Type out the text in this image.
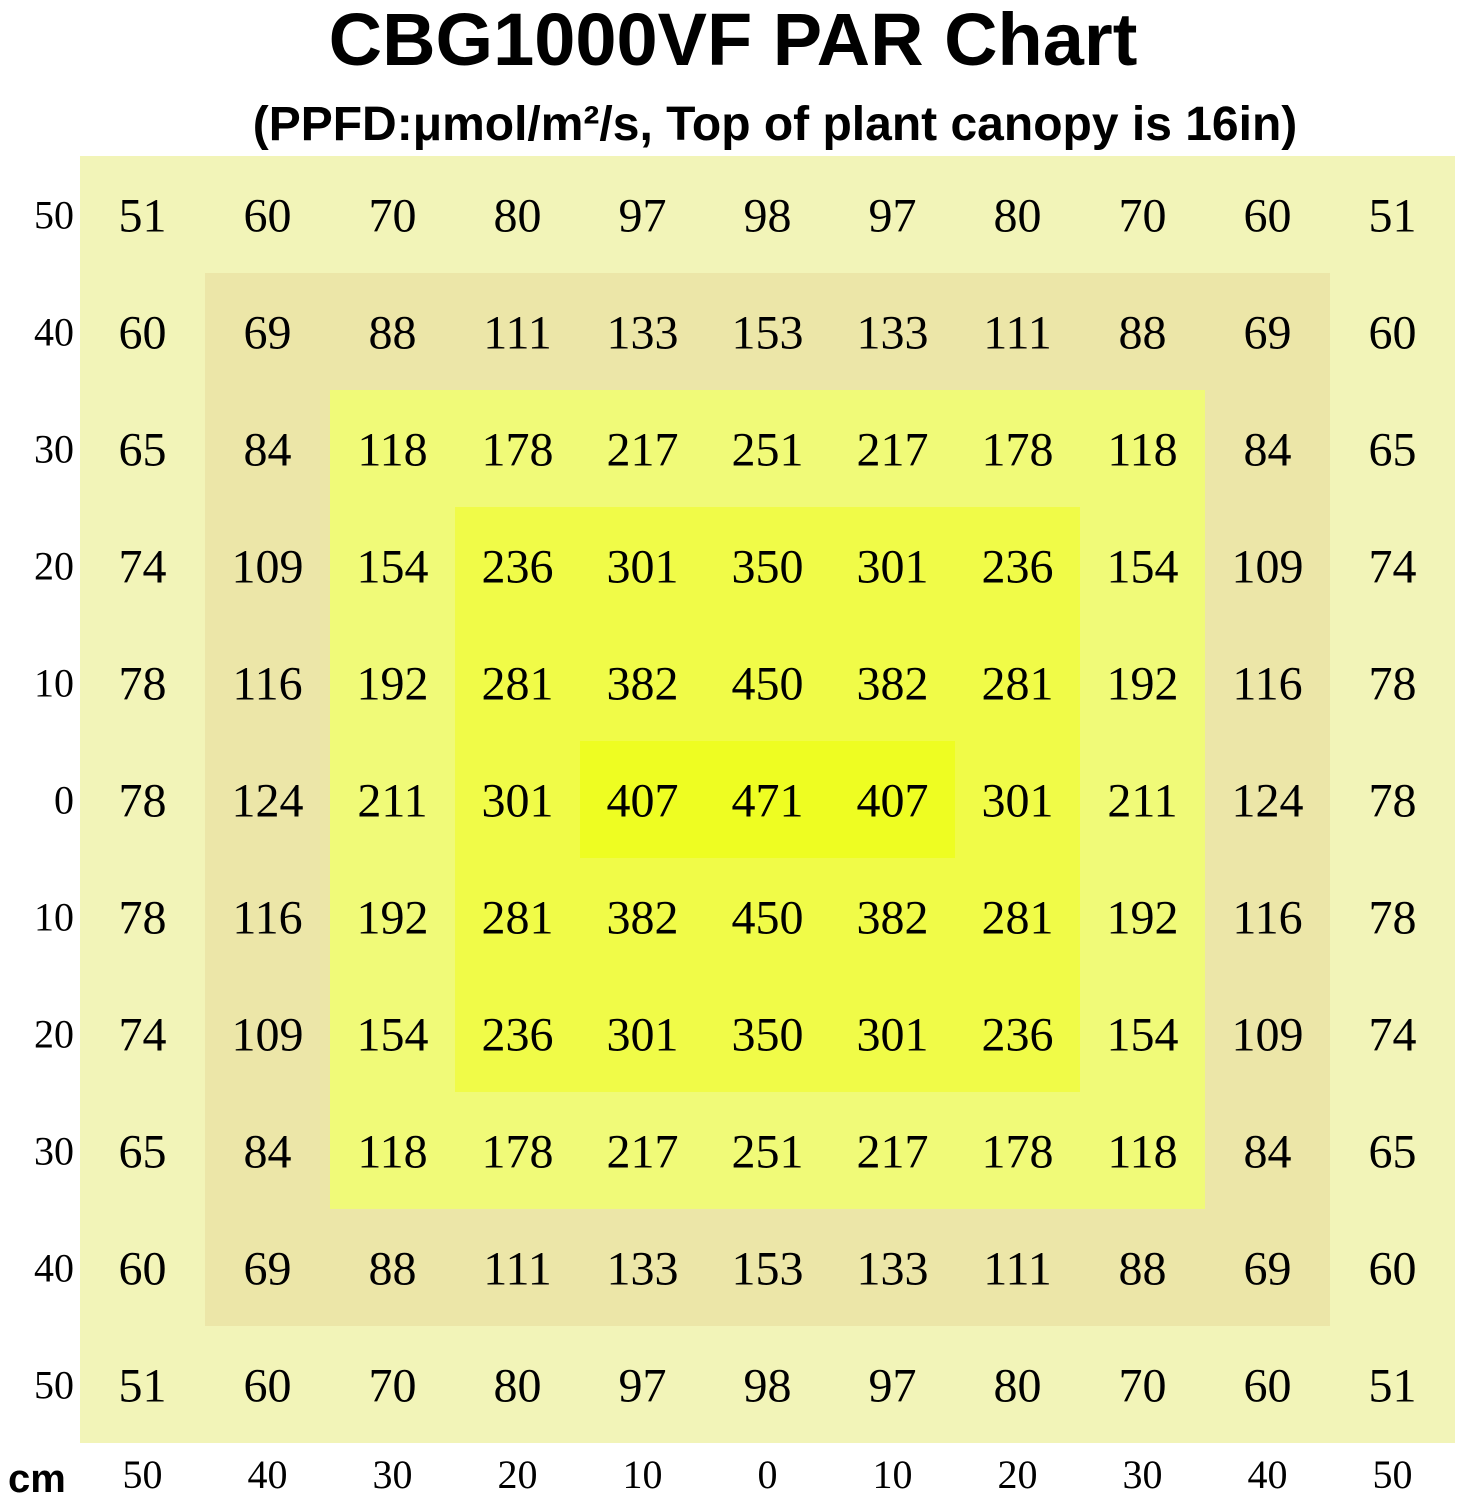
CBG1000VF PAR Chart
(PPFD:μmol/m²/s, Top of plant canopy is 16in)
51 60 70 80 97 98 97 80 70 60 51
60 69 88 111 133 153 133 111 88 69 60
65 84 118 178 217 251 217 178 118 84 65
74 109 154 236 301 350 301 236 154 109 74
78 116 192 281 382 450 382 281 192 116 78
78 124 211 301 407 471 407 301 211 124 78
78 116 192 281 382 450 382 281 192 116 78
74 109 154 236 301 350 301 236 154 109 74
65 84 118 178 217 251 217 178 118 84 65
60 69 88 111 133 153 133 111 88 69 60
51 60 70 80 97 98 97 80 70 60 51
50
40
30
20
10
0
10
20
30
40
50
50 40 30 20 10 0 10 20 30 40 50
cm
